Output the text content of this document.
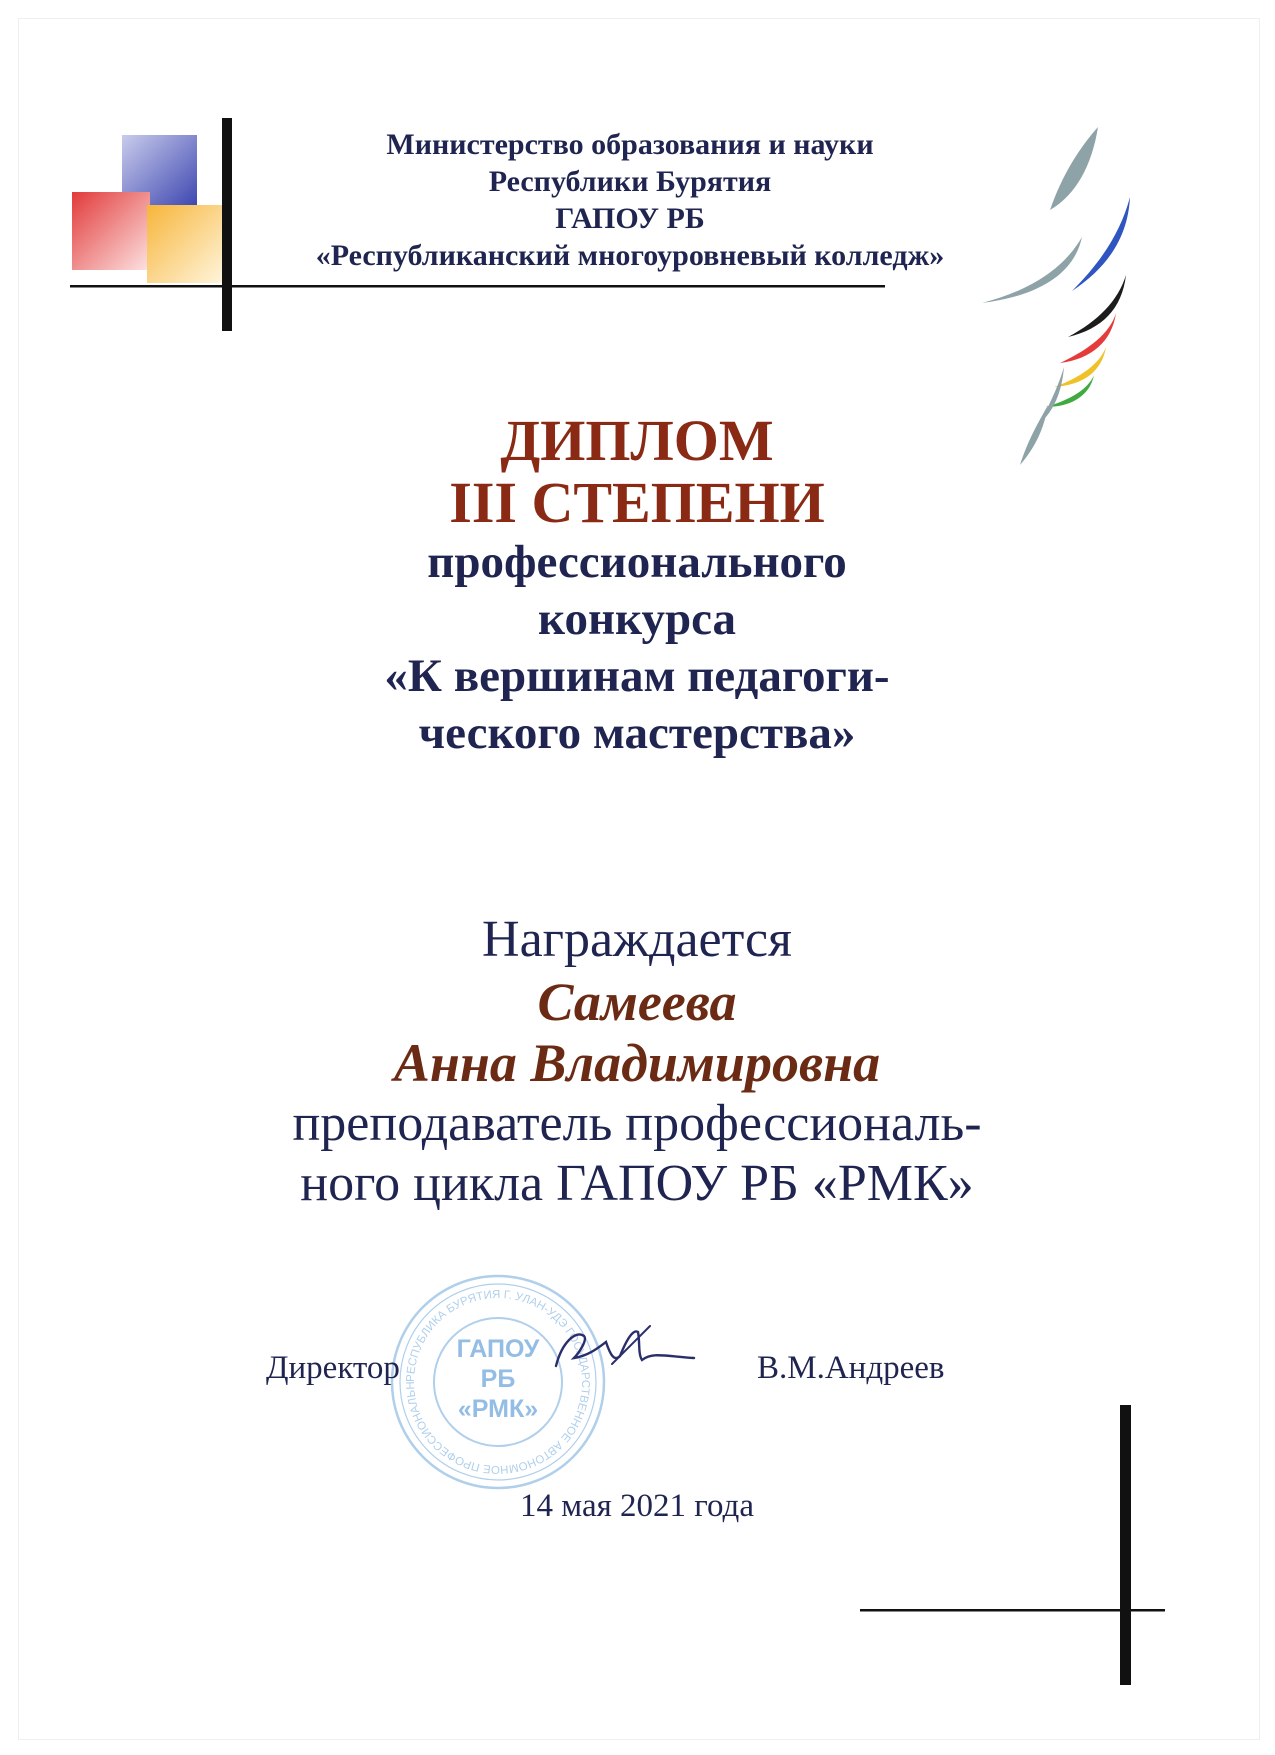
Министерство образования и науки
Республики Бурятия
ГАПОУ РБ
«Республиканский многоуровневый колледж»
ДИПЛОМ
III СТЕПЕНИ
профессионального
конкурса
«К вершинам педагоги-
ческого мастерства»
Награждается
Самеева
Анна Владимировна
преподаватель профессиональ-
ного цикла ГАПОУ РБ «РМК»
РЕСПУБЛИКА БУРЯТИЯ Г. УЛАН-УДЭ ГОСУДАРСТВЕННОЕ АВТОНОМНОЕ ПРОФЕССИОНАЛЬНОЕ ОБРАЗОВАТЕЛЬНОЕ УЧРЕЖДЕНИЕ РЕСПУБЛИКИ БУРЯТИЯ РЕСПУБЛИКАНСКИЙ МНОГОУРОВНЕВЫЙ КОЛЛЕДЖ
ГАПОУ
РБ
«РМК»
Директор	В.М.Андреев
14 мая 2021 года
